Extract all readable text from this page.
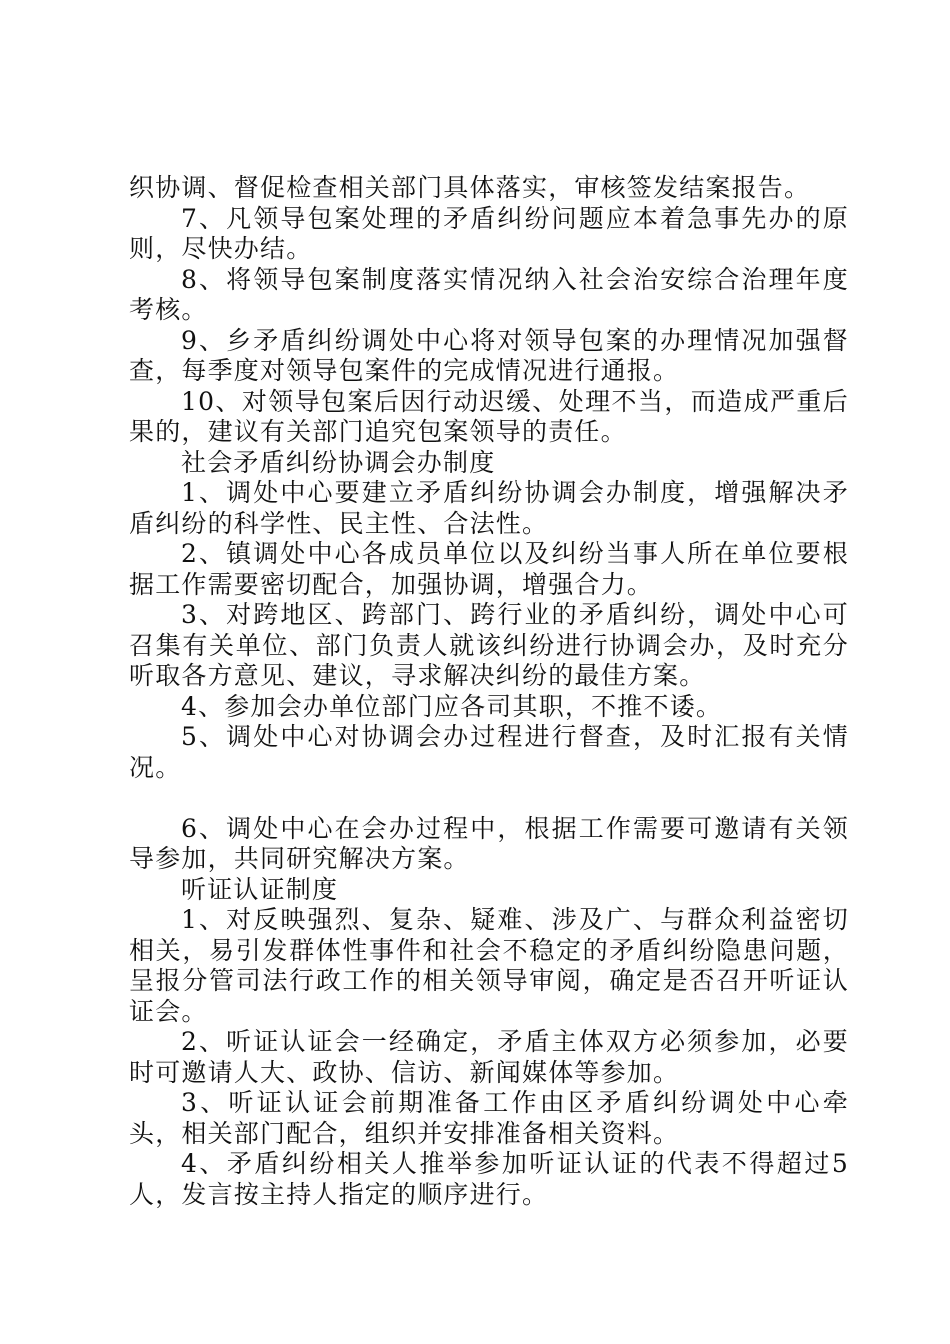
织协调、督促检查相关部门具体落实，审核签发结案报告。

7、凡领导包案处理的矛盾纠纷问题应本着急事先办的原则，尽快办结。

8、将领导包案制度落实情况纳入社会治安综合治理年度考核。

9、乡矛盾纠纷调处中心将对领导包案的办理情况加强督查，每季度对领导包案件的完成情况进行通报。

10、对领导包案后因行动迟缓、处理不当，而造成严重后果的，建议有关部门追究包案领导的责任。

社会矛盾纠纷协调会办制度

1、调处中心要建立矛盾纠纷协调会办制度，增强解决矛盾纠纷的科学性、民主性、合法性。

2、镇调处中心各成员单位以及纠纷当事人所在单位要根据工作需要密切配合，加强协调，增强合力。

3、对跨地区、跨部门、跨行业的矛盾纠纷，调处中心可召集有关单位、部门负责人就该纠纷进行协调会办，及时充分听取各方意见、建议，寻求解决纠纷的最佳方案。

4、参加会办单位部门应各司其职，不推不诿。

5、调处中心对协调会办过程进行督查，及时汇报有关情况。

6、调处中心在会办过程中，根据工作需要可邀请有关领导参加，共同研究解决方案。

听证认证制度

1、对反映强烈、复杂、疑难、涉及广、与群众利益密切相关，易引发群体性事件和社会不稳定的矛盾纠纷隐患问题，呈报分管司法行政工作的相关领导审阅，确定是否召开听证认证会。

2、听证认证会一经确定，矛盾主体双方必须参加，必要时可邀请人大、政协、信访、新闻媒体等参加。

3、听证认证会前期准备工作由区矛盾纠纷调处中心牵头，相关部门配合，组织并安排准备相关资料。

4、矛盾纠纷相关人推举参加听证认证的代表不得超过5人，发言按主持人指定的顺序进行。
